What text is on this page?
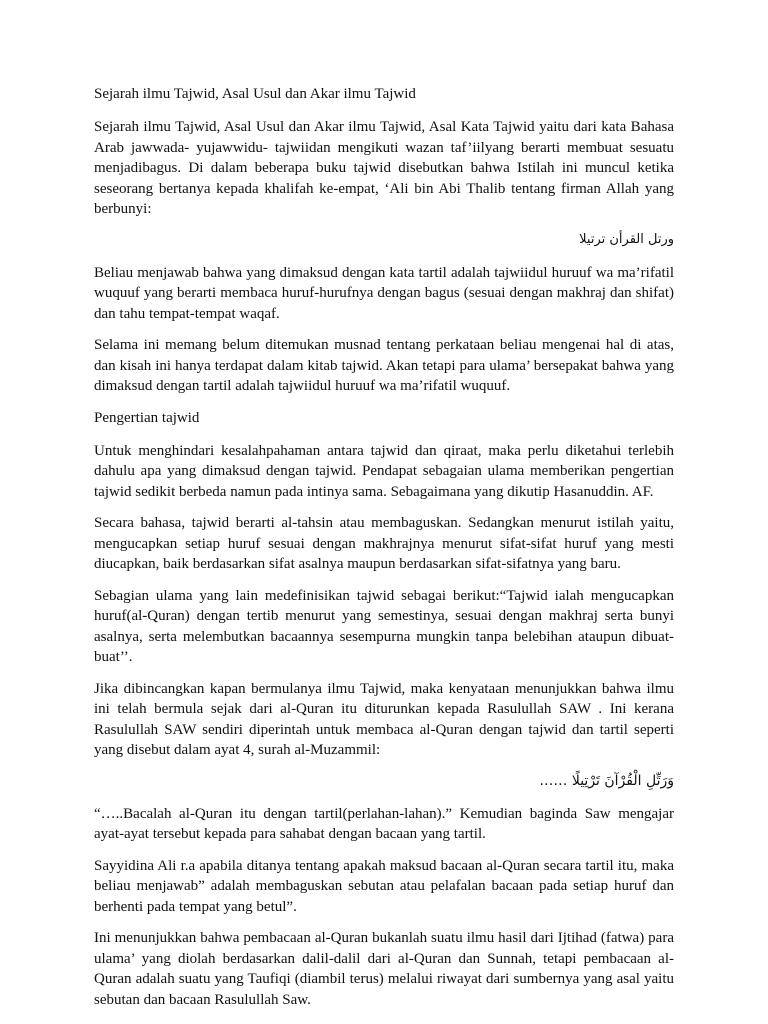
Sejarah ilmu Tajwid, Asal Usul dan Akar ilmu Tajwid

Sejarah ilmu Tajwid, Asal Usul dan Akar ilmu Tajwid, Asal Kata Tajwid yaitu dari kata Bahasa Arab jawwada- yujawwidu- tajwiidan mengikuti wazan taf’iilyang berarti membuat sesuatu menjadibagus. Di dalam beberapa buku tajwid disebutkan bahwa Istilah ini muncul ketika seseorang bertanya kepada khalifah ke-empat, ‘Ali bin Abi Thalib tentang firman Allah yang berbunyi:

ورتل القرأن ترتيلا

Beliau menjawab bahwa yang dimaksud dengan kata tartil adalah tajwiidul huruuf wa ma’rifatil wuquuf yang berarti membaca huruf-hurufnya dengan bagus (sesuai dengan makhraj dan shifat) dan tahu tempat-tempat waqaf.

Selama ini memang belum ditemukan musnad tentang perkataan beliau mengenai hal di atas, dan kisah ini hanya terdapat dalam kitab tajwid. Akan tetapi para ulama’ bersepakat bahwa yang dimaksud dengan tartil adalah tajwiidul huruuf wa ma’rifatil wuquuf.

Pengertian tajwid

Untuk menghindari kesalahpahaman antara tajwid dan qiraat, maka perlu diketahui terlebih dahulu apa yang dimaksud dengan tajwid. Pendapat sebagaian ulama memberikan pengertian tajwid sedikit berbeda namun pada intinya sama. Sebagaimana yang dikutip Hasanuddin. AF.

Secara bahasa, tajwid berarti al-tahsin atau membaguskan. Sedangkan menurut istilah yaitu, mengucapkan setiap huruf sesuai dengan makhrajnya menurut sifat-sifat huruf yang mesti diucapkan, baik berdasarkan sifat asalnya maupun berdasarkan sifat-sifatnya yang baru.

Sebagian ulama yang lain medefinisikan tajwid sebagai berikut:“Tajwid ialah mengucapkan huruf(al-Quran) dengan tertib menurut yang semestinya, sesuai dengan makhraj serta bunyi asalnya, serta melembutkan bacaannya sesempurna mungkin tanpa belebihan ataupun dibuat-buat’’.

Jika dibincangkan kapan bermulanya ilmu Tajwid, maka kenyataan menunjukkan bahwa ilmu ini telah bermula sejak dari al-Quran itu diturunkan kepada Rasulullah SAW . Ini kerana Rasulullah SAW sendiri diperintah untuk membaca al-Quran dengan tajwid dan tartil seperti yang disebut dalam ayat 4, surah al-Muzammil:

وَرَتِّلِ الْقُرْآنَ تَرْتِيلًا ……

“…..Bacalah al-Quran itu dengan tartil(perlahan-lahan).” Kemudian baginda Saw mengajar ayat-ayat tersebut kepada para sahabat dengan bacaan yang tartil.

Sayyidina Ali r.a apabila ditanya tentang apakah maksud bacaan al-Quran secara tartil itu, maka beliau menjawab” adalah membaguskan sebutan atau pelafalan bacaan pada setiap huruf dan berhenti pada tempat yang betul”.

Ini menunjukkan bahwa pembacaan al-Quran bukanlah suatu ilmu hasil dari Ijtihad (fatwa) para ulama’ yang diolah berdasarkan dalil-dalil dari al-Quran dan Sunnah, tetapi pembacaan al-Quran adalah suatu yang Taufiqi (diambil terus) melalui riwayat dari sumbernya yang asal yaitu sebutan dan bacaan Rasulullah Saw.
